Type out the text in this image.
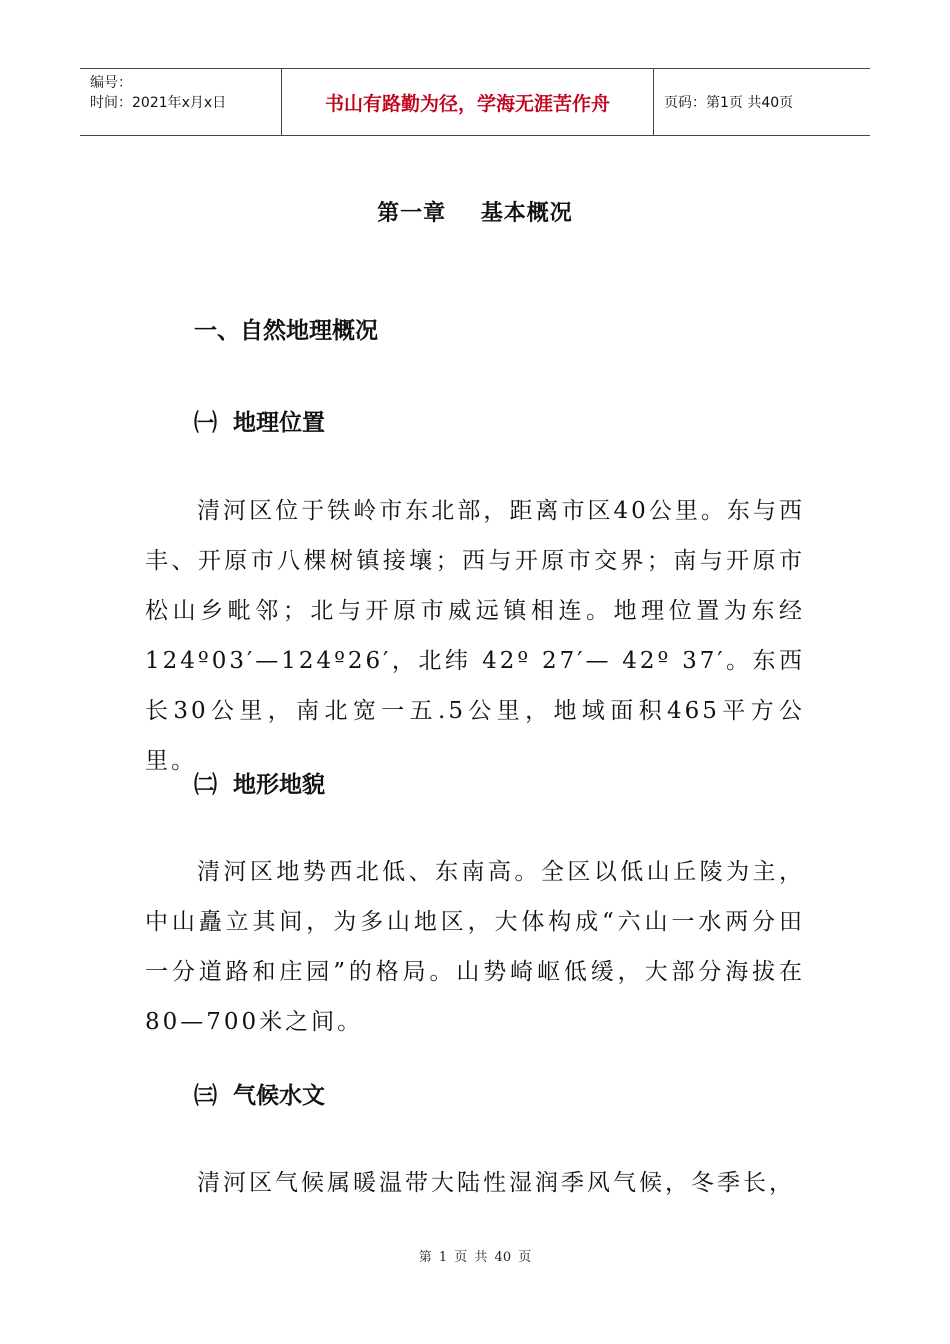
编号：
时间：2021年x月x日	书山有路勤为径，学海无涯苦作舟	页码：第1页 共40页
第一章    基本概况
一、自然地理概况
㈠  地理位置
清河区位于铁岭市东北部，距离市区40公里。东与西丰、开原市八棵树镇接壤；西与开原市交界；南与开原市松山乡毗邻；北与开原市威远镇相连。地理位置为东经124º03′—124º26′，北纬 42º 27′— 42º 37′。东西长30公里，南北宽一五.5公里，地域面积465平方公里。
㈡  地形地貌
清河区地势西北低、东南高。全区以低山丘陵为主，中山矗立其间，为多山地区，大体构成“六山一水两分田一分道路和庄园”的格局。山势崎岖低缓，大部分海拔在80—700米之间。
㈢  气候水文
清河区气候属暖温带大陆性湿润季风气候，冬季长，
第 1 页 共 40 页
